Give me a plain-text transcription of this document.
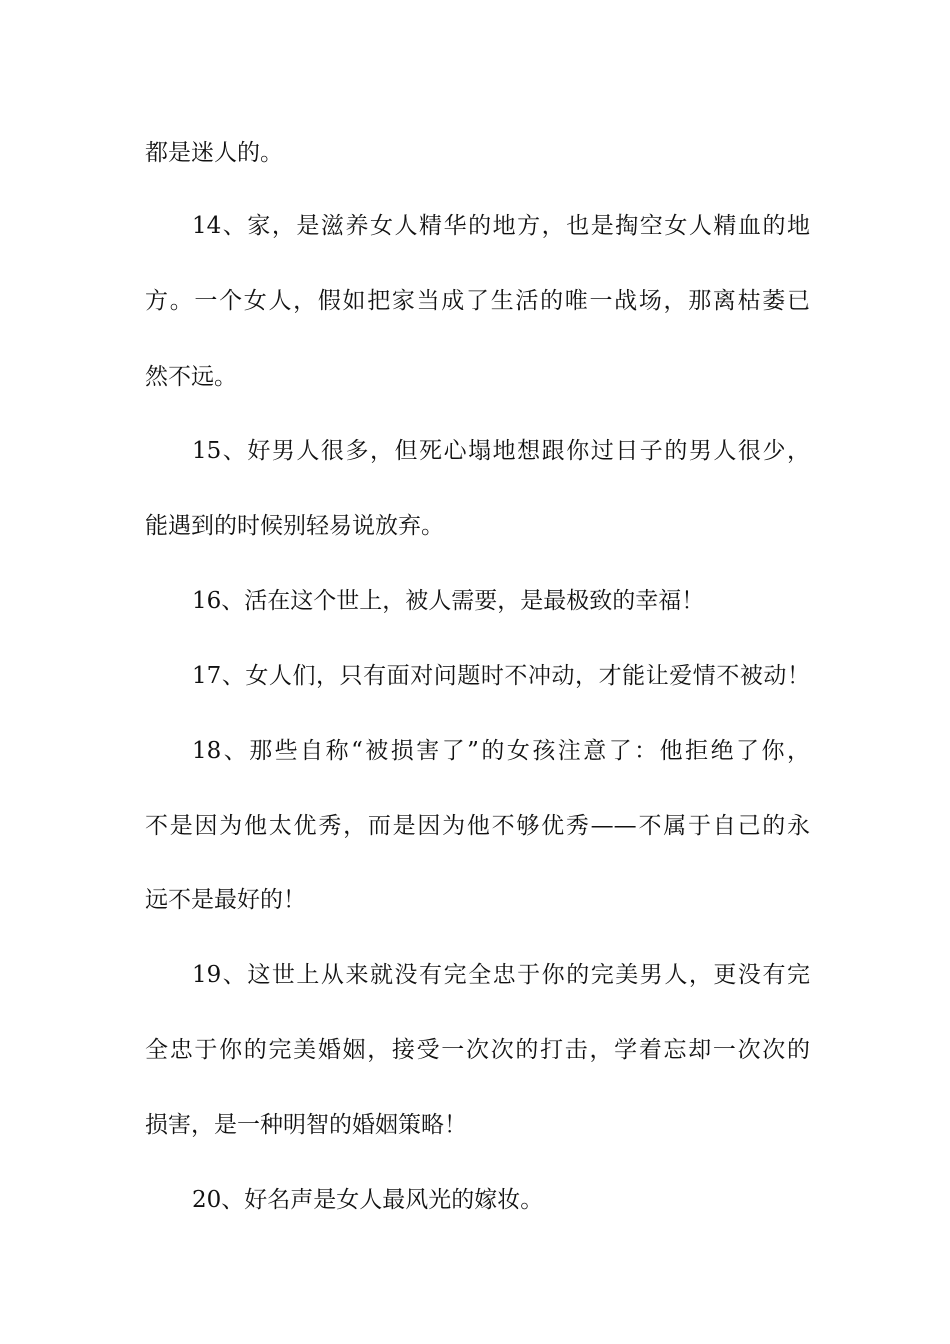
都是迷人的。
14、家，是滋养女人精华的地方，也是掏空女人精血的地
方。一个女人，假如把家当成了生活的唯一战场，那离枯萎已
然不远。
15、好男人很多，但死心塌地想跟你过日子的男人很少，
能遇到的时候别轻易说放弃。
16、活在这个世上，被人需要，是最极致的幸福！
17、女人们，只有面对问题时不冲动，才能让爱情不被动！
18、那些自称“被损害了”的女孩注意了：他拒绝了你，
不是因为他太优秀，而是因为他不够优秀——不属于自己的永
远不是最好的！
19、这世上从来就没有完全忠于你的完美男人，更没有完
全忠于你的完美婚姻，接受一次次的打击，学着忘却一次次的
损害，是一种明智的婚姻策略！
20、好名声是女人最风光的嫁妆。
